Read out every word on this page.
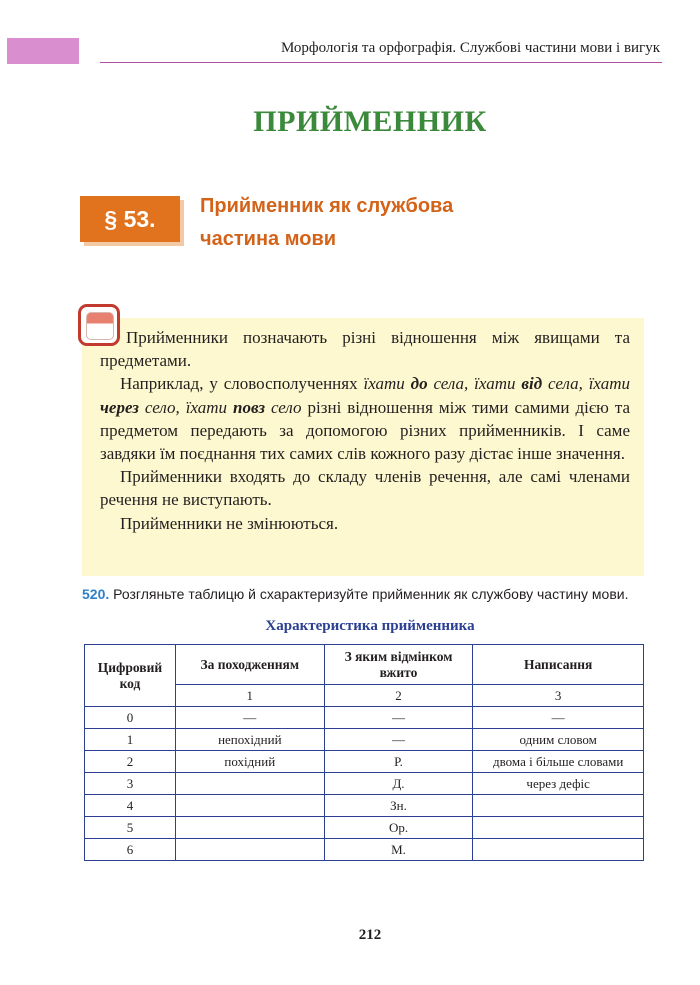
Морфологія та орфографія. Службові частини мови і вигук
ПРИЙМЕННИК
§ 53.	Прийменник як службова
частина мови

Прийменники позначають різні відношення між явищами та предметами.

Наприклад, у словосполученнях їхати до села, їхати від села, їхати через село, їхати повз село різні відношення між тими самими дією та предметом передають за допомогою різних прийменників. І саме завдяки їм поєднання тих самих слів кожного разу дістає інше значення.

Прийменники входять до складу членів речення, але самі членами речення не виступають.

Прийменники не змінюються.

520. Розгляньте таблицю й схарактеризуйте прийменник як службову частину мови.
Характеристика прийменника
Цифровий код	За походженням	З яким відмінком вжито	Написання
	1	2	3
0	—	—	—
1	непохідний	—	одним словом
2	похідний	Р.	двома і більше словами
3		Д.	через дефіс
4		Зн.	
5		Ор.	
6		М.	
212
